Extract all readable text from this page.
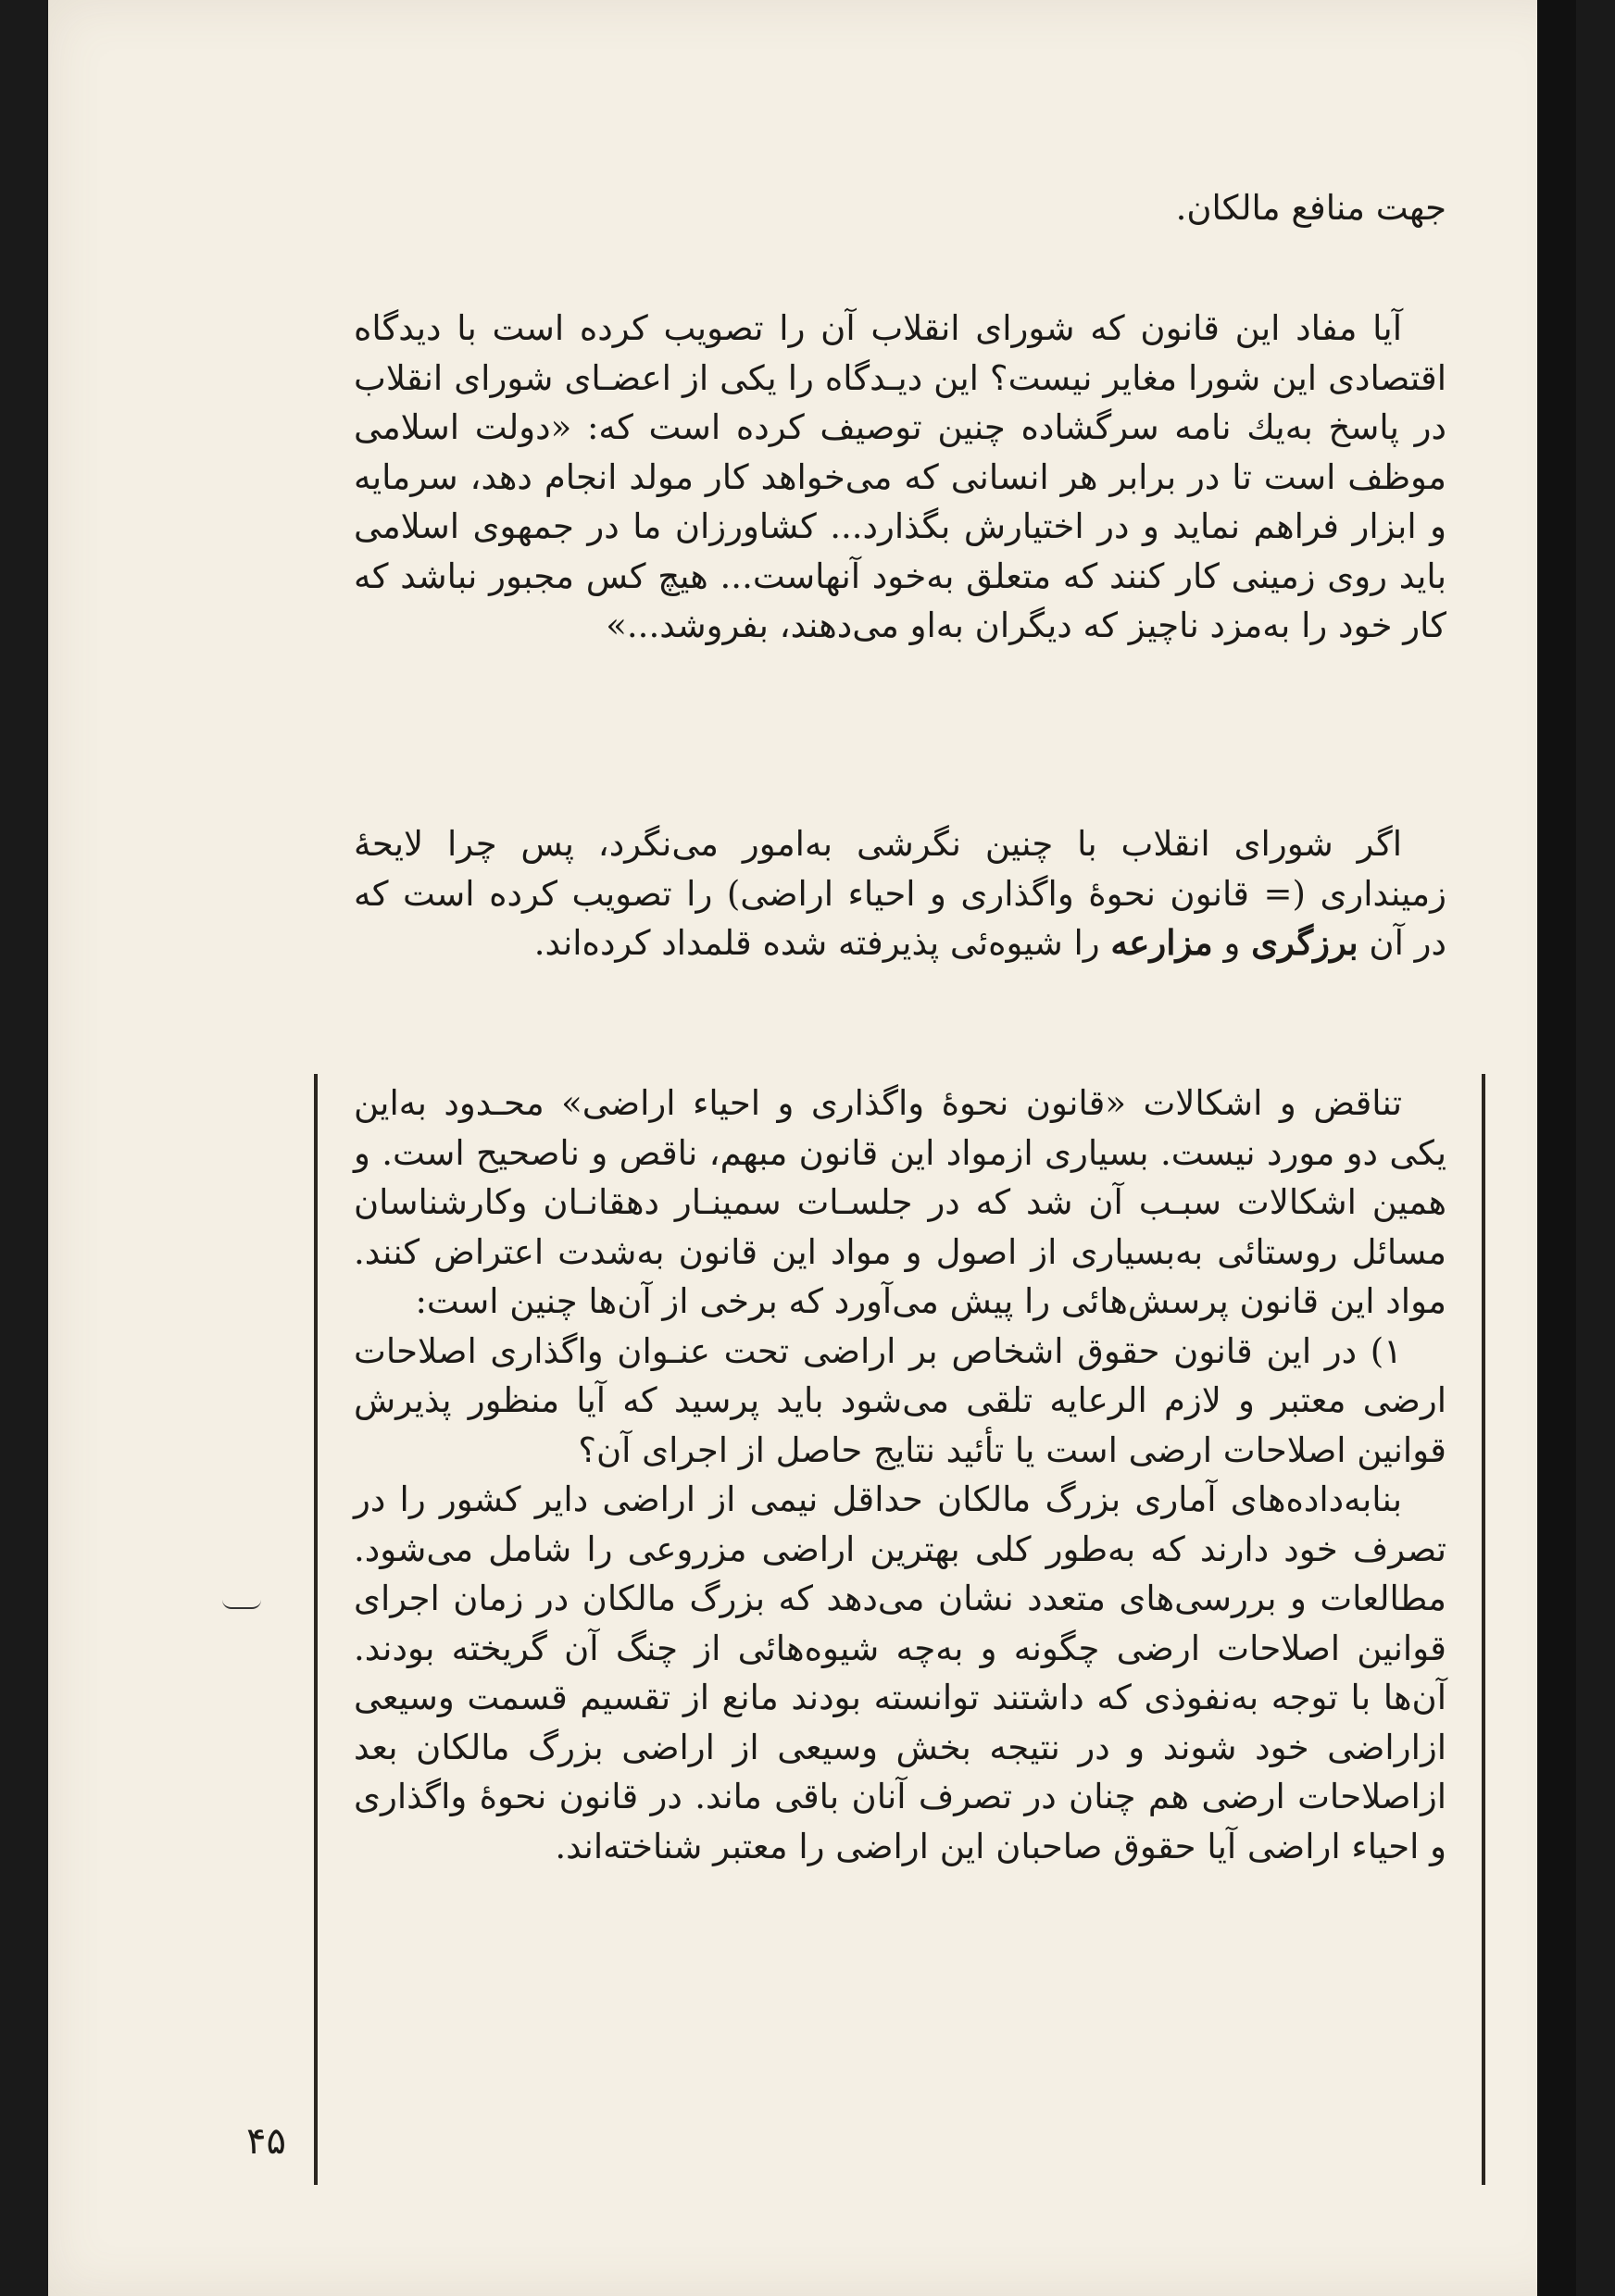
جهت منافع مالکان.

آیا مفاد این قانون که شورای انقلاب آن را تصویب کرده است با دیدگاه اقتصادی این شورا مغایر نیست؟ این دیـدگاه را یکی از اعضـای شورای انقلاب در پاسخ به‌یك نامه سرگشاده چنین توصیف کرده است که: «دولت اسلامی موظف است تا در برابر هر انسانی که می‌خواهد کار مولد انجام دهد، سرمایه و ابزار فراهم نماید و در اختیارش بگذارد... کشاورزان ما در جمهوی اسلامی باید روی زمینی کار کنند که متعلق به‌خود آنهاست... هیچ کس مجبور نباشد که کار خود را به‌مزد ناچیز که دیگران به‌او می‌دهند، بفروشد...»

اگر شورای انقلاب با چنین نگرشی به‌امور می‌نگرد، پس چرا لایحهٔ زمینداری (= قانون نحوهٔ واگذاری و احیاء اراضی) را تصویب کرده است که در آن برزگری و مزارعه را شیوه‌ئی پذیرفته شده قلمداد کرده‌اند.

تناقض و اشکالات «قانون نحوهٔ واگذاری و احیاء اراضی» محـدود به‌این یکی دو مورد نیست. بسیاری ازمواد این قانون مبهم، ناقص و ناصحیح است. و همین اشکالات سبـب آن شد که در جلسـات سمینـار دهقانـان وکارشناسان مسائل روستائی به‌بسیاری از اصول و مواد این قانون به‌شدت اعتراض کنند. مواد این قانون پرسش‌هائی را پیش می‌آورد که برخی از آن‌ها چنین است:

۱) در این قانون حقوق اشخاص بر اراضی تحت عنـوان واگذاری اصلاحات ارضی معتبر و لازم الرعایه تلقی می‌شود باید پرسید که آیا منظور پذیرش قوانین اصلاحات ارضی است یا تأئید نتایج حاصل از اجرای آن؟

بنابه‌داده‌های آماری بزرگ مالکان حداقل نیمی از اراضی دایر کشور را در تصرف خود دارند که به‌طور کلی بهترین اراضی مزروعی را شامل می‌شود. مطالعات و بررسی‌های متعدد نشان می‌دهد که بزرگ مالکان در زمان اجرای قوانین اصلاحات ارضی چگونه و به‌چه شیوه‌هائی از چنگ آن گریخته بودند. آن‌ها با توجه به‌نفوذی که داشتند توانسته بودند مانع از تقسیم قسمت وسیعی ازاراضی خود شوند و در نتیجه بخش وسیعی از اراضی بزرگ مالکان بعد ازاصلاحات ارضی هم چنان در تصرف آنان باقی ماند. در قانون نحوهٔ واگذاری و احیاء اراضی آیا حقوق صاحبان این اراضی را معتبر شناخته‌اند.

۴۵
